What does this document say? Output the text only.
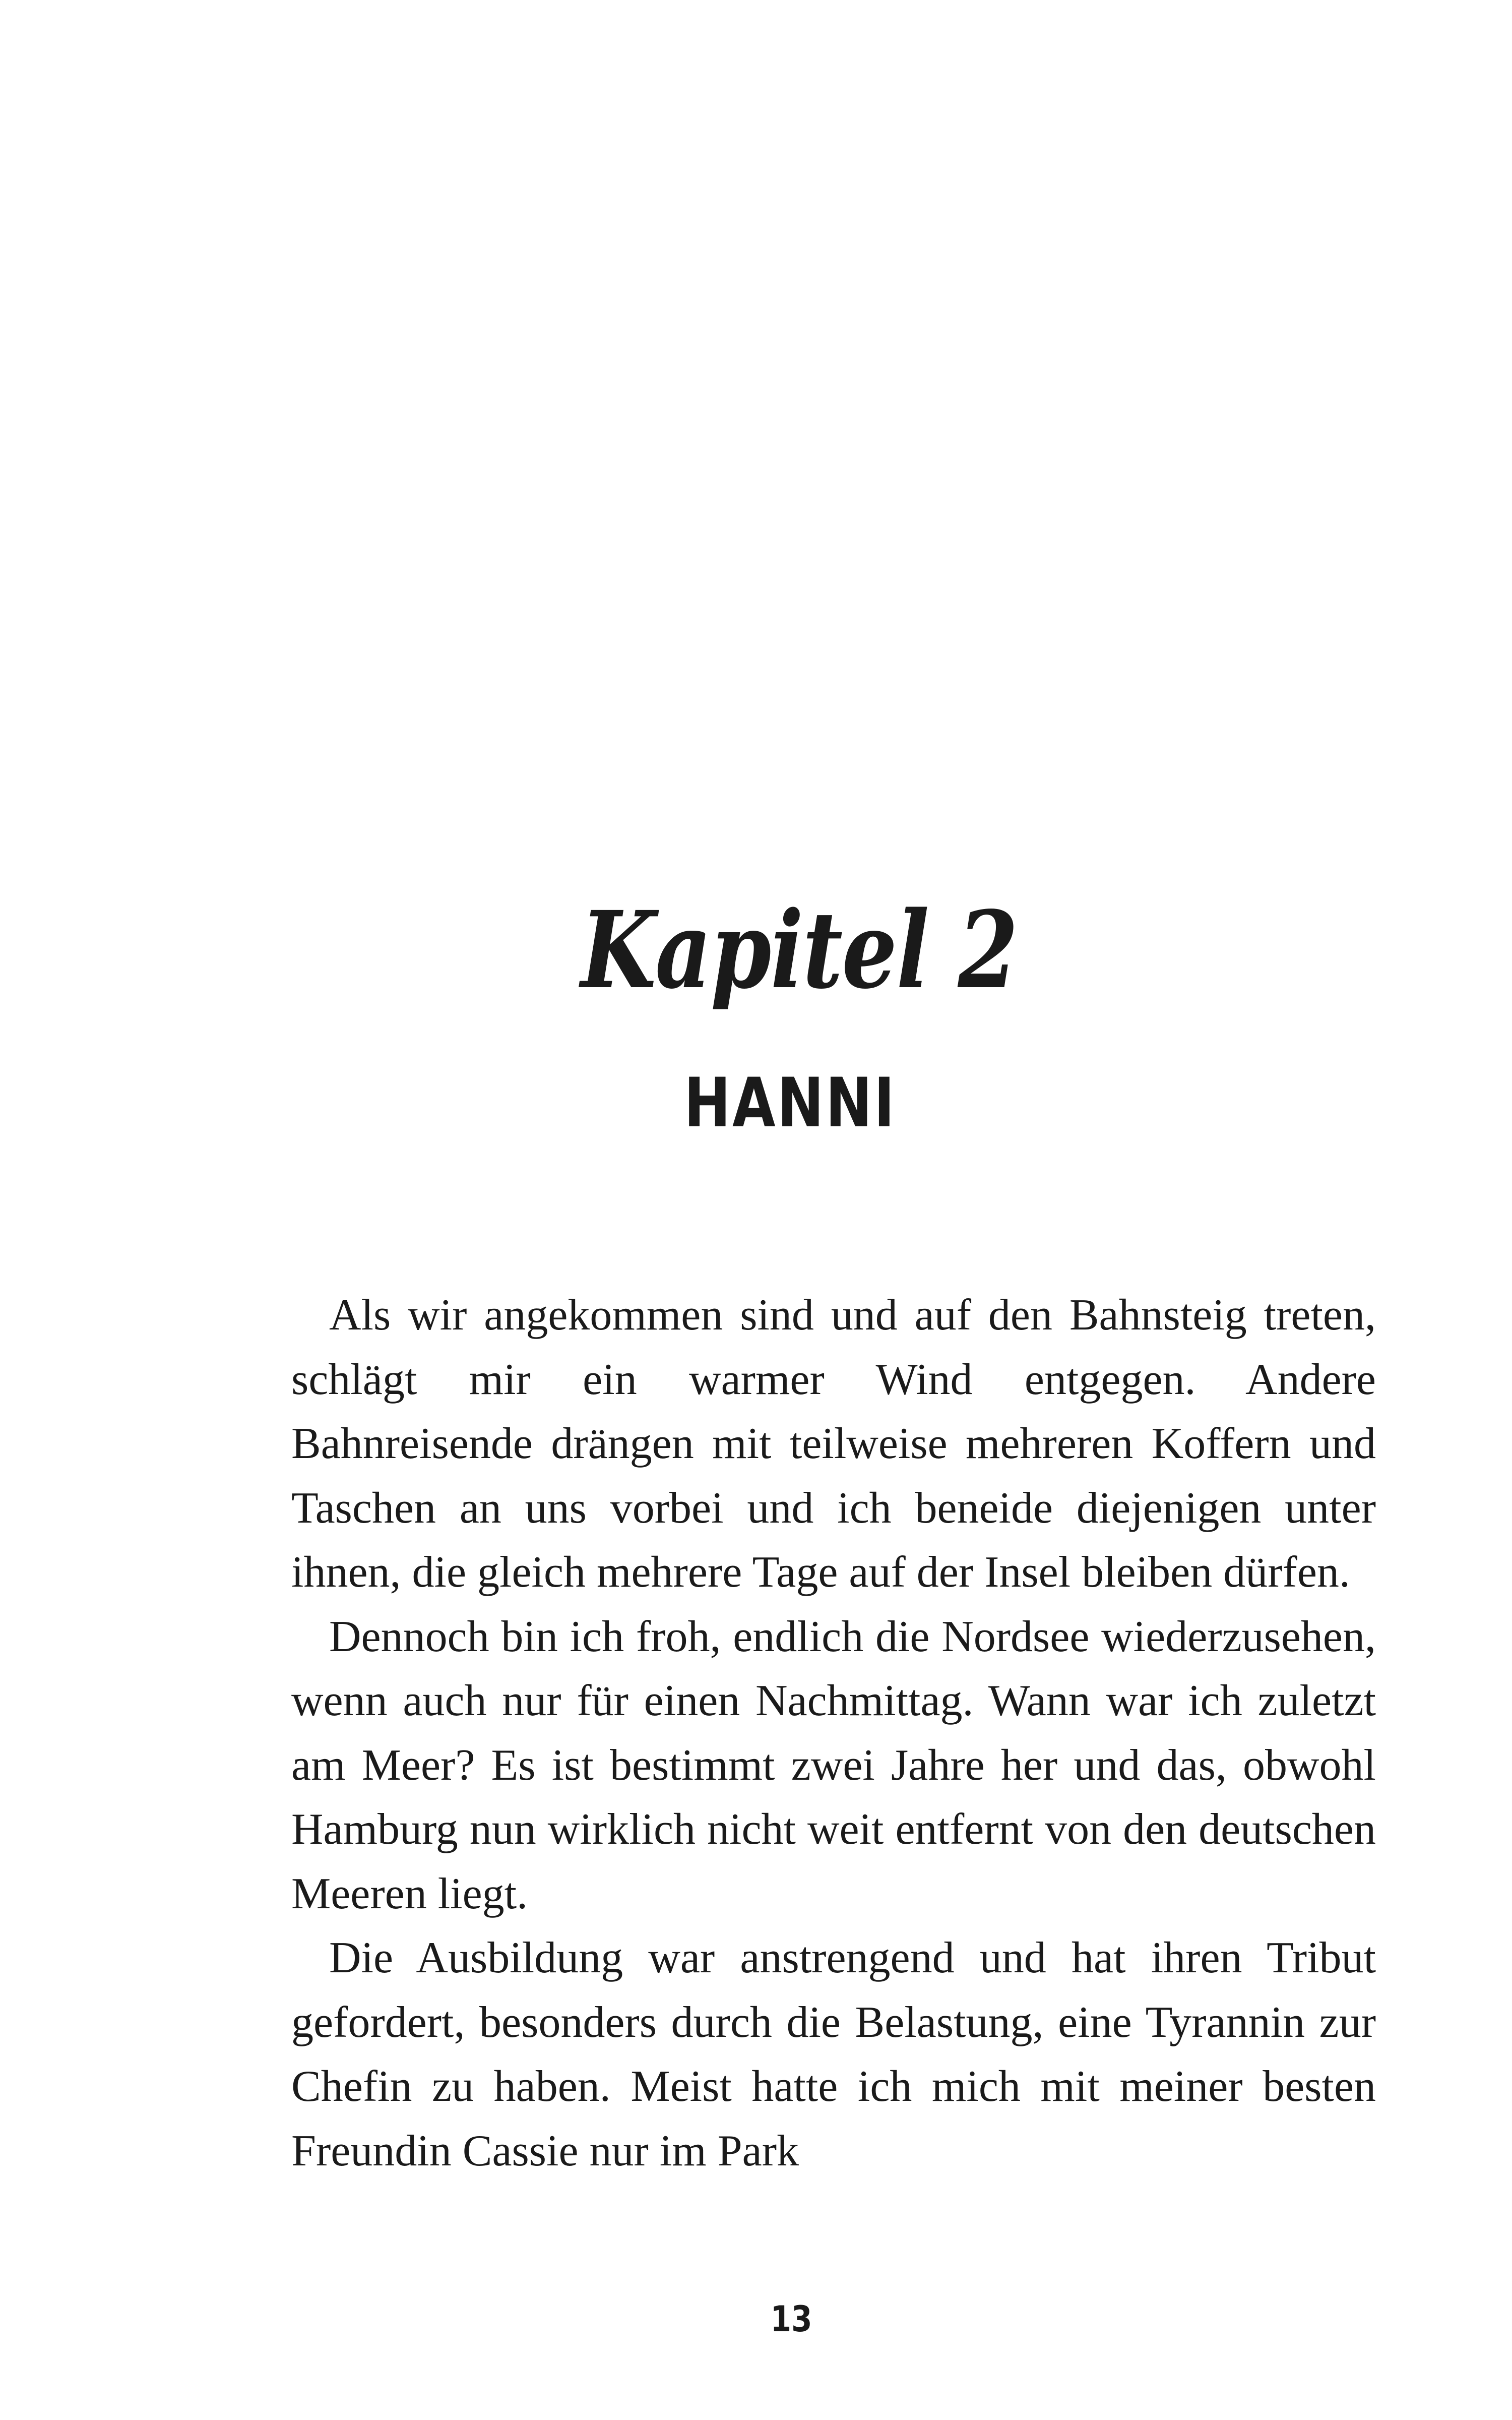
Kapitel 2
HANNI

Als wir angekommen sind und auf den Bahnsteig treten, schlägt mir ein warmer Wind entgegen. Andere Bahnreisende drängen mit teilweise mehreren Koffern und Taschen an uns vorbei und ich beneide diejenigen unter ihnen, die gleich mehrere Tage auf der Insel bleiben dürfen.

Dennoch bin ich froh, endlich die Nordsee wiederzusehen, wenn auch nur für einen Nachmittag. Wann war ich zuletzt am Meer? Es ist bestimmt zwei Jahre her und das, obwohl Hamburg nun wirklich nicht weit entfernt von den deutschen Meeren liegt.

Die Ausbildung war anstrengend und hat ihren Tribut gefordert, besonders durch die Belastung, eine Tyrannin zur Chefin zu haben. Meist hatte ich mich mit meiner besten Freundin Cassie nur im Park

13
